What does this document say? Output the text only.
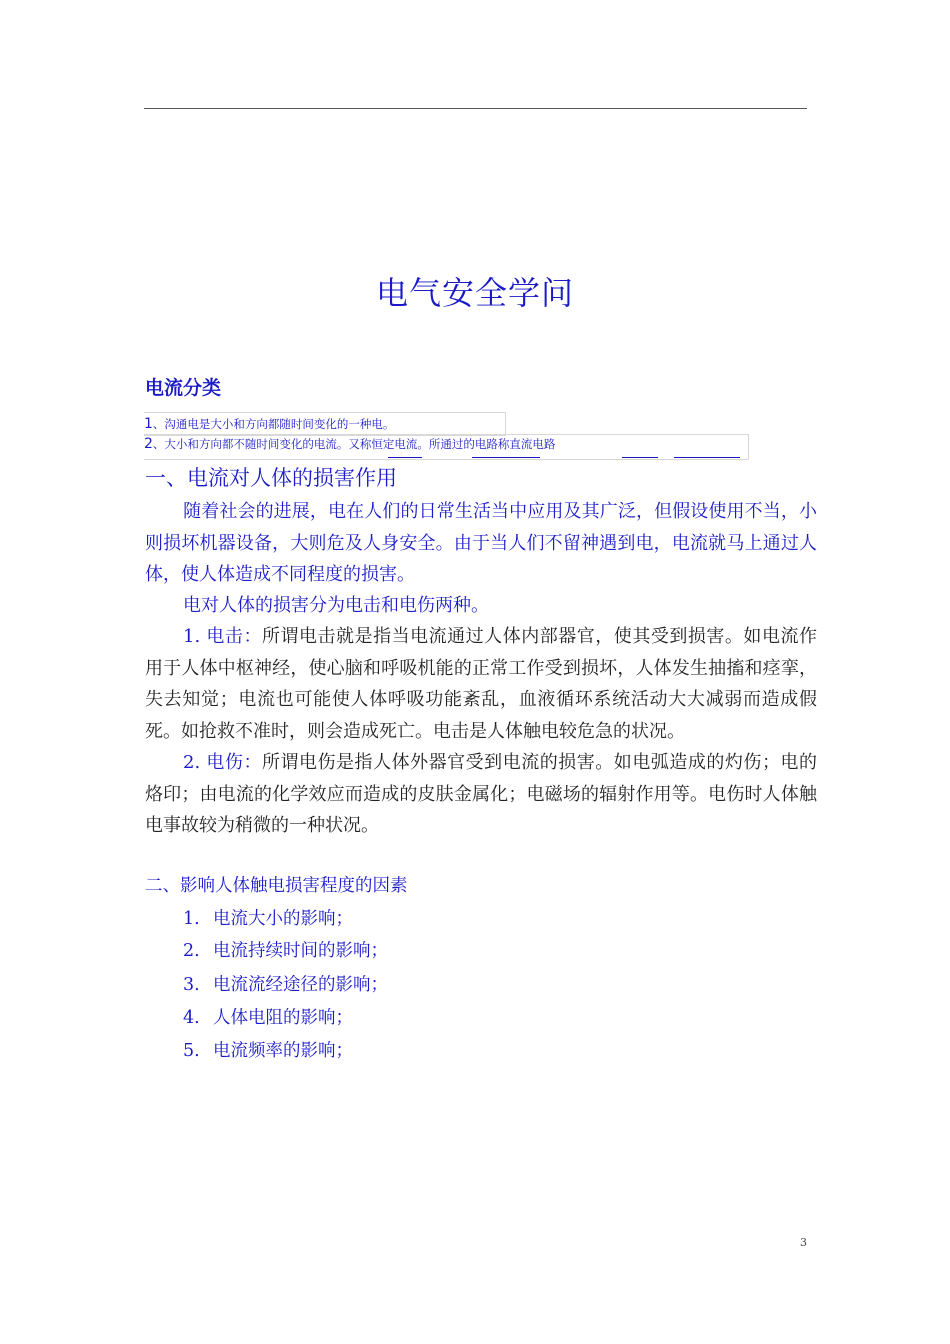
电气安全学问
电流分类
1、沟通电是大小和方向都随时间变化的一种电。
2、大小和方向都不随时间变化的电流。又称恒定电流。所通过的电路称直流电路
一、电流对人体的损害作用
随着社会的进展，电在人们的日常生活当中应用及其广泛，但假设使用不当，小则损坏机器设备，大则危及人身安全。由于当人们不留神遇到电，电流就马上通过人体，使人体造成不同程度的损害。
电对人体的损害分为电击和电伤两种。
1. 电击：所谓电击就是指当电流通过人体内部器官，使其受到损害。如电流作用于人体中枢神经，使心脑和呼吸机能的正常工作受到损坏，人体发生抽搐和痉挛，失去知觉；电流也可能使人体呼吸功能紊乱，血液循环系统活动大大减弱而造成假死。如抢救不准时，则会造成死亡。电击是人体触电较危急的状况。
2. 电伤：所谓电伤是指人体外器官受到电流的损害。如电弧造成的灼伤；电的烙印；由电流的化学效应而造成的皮肤金属化；电磁场的辐射作用等。电伤时人体触电事故较为稍微的一种状况。
二、影响人体触电损害程度的因素
1. 电流大小的影响；
2. 电流持续时间的影响；
3. 电流流经途径的影响；
4. 人体电阻的影响；
5. 电流频率的影响；
3
